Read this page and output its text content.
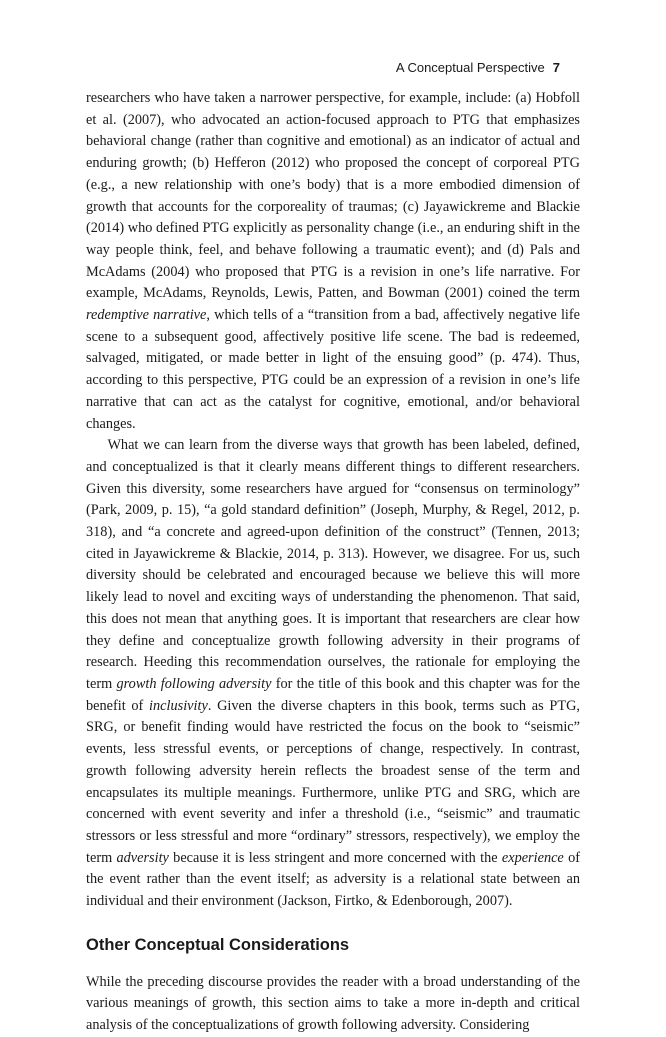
A Conceptual Perspective 7

researchers who have taken a narrower perspective, for example, include: (a) Hobfoll et al. (2007), who advocated an action-focused approach to PTG that emphasizes behavioral change (rather than cognitive and emotional) as an indicator of actual and enduring growth; (b) Hefferon (2012) who proposed the concept of corporeal PTG (e.g., a new relationship with one’s body) that is a more embodied dimension of growth that accounts for the corporeality of traumas; (c) Jayawickreme and Blackie (2014) who defined PTG explicitly as personality change (i.e., an enduring shift in the way people think, feel, and behave following a traumatic event); and (d) Pals and McAdams (2004) who proposed that PTG is a revision in one’s life narrative. For example, McAdams, Reynolds, Lewis, Patten, and Bowman (2001) coined the term redemptive narrative, which tells of a “transition from a bad, affectively negative life scene to a subsequent good, affectively positive life scene. The bad is redeemed, salvaged, mitigated, or made better in light of the ensuing good” (p. 474). Thus, according to this perspective, PTG could be an expression of a revision in one’s life narrative that can act as the catalyst for cognitive, emotional, and/or behavioral changes.

What we can learn from the diverse ways that growth has been labeled, defined, and conceptualized is that it clearly means different things to different researchers. Given this diversity, some researchers have argued for “consensus on terminology” (Park, 2009, p. 15), “a gold standard definition” (Joseph, Murphy, & Regel, 2012, p. 318), and “a concrete and agreed-upon definition of the construct” (Tennen, 2013; cited in Jayawickreme & Blackie, 2014, p. 313). However, we disagree. For us, such diversity should be celebrated and encouraged because we believe this will more likely lead to novel and exciting ways of understanding the phenomenon. That said, this does not mean that anything goes. It is important that researchers are clear how they define and conceptualize growth following adversity in their programs of research. Heeding this recommendation ourselves, the rationale for employing the term growth following adversity for the title of this book and this chapter was for the benefit of inclusivity. Given the diverse chapters in this book, terms such as PTG, SRG, or benefit finding would have restricted the focus on the book to “seismic” events, less stressful events, or perceptions of change, respectively. In contrast, growth following adversity herein reflects the broadest sense of the term and encapsulates its multiple meanings. Furthermore, unlike PTG and SRG, which are concerned with event severity and infer a threshold (i.e., “seismic” and traumatic stressors or less stressful and more “ordinary” stressors, respectively), we employ the term adversity because it is less stringent and more concerned with the experience of the event rather than the event itself; as adversity is a relational state between an individual and their environment (Jackson, Firtko, & Edenborough, 2007).

Other Conceptual Considerations

While the preceding discourse provides the reader with a broad understanding of the various meanings of growth, this section aims to take a more in-depth and critical analysis of the conceptualizations of growth following adversity. Considering
